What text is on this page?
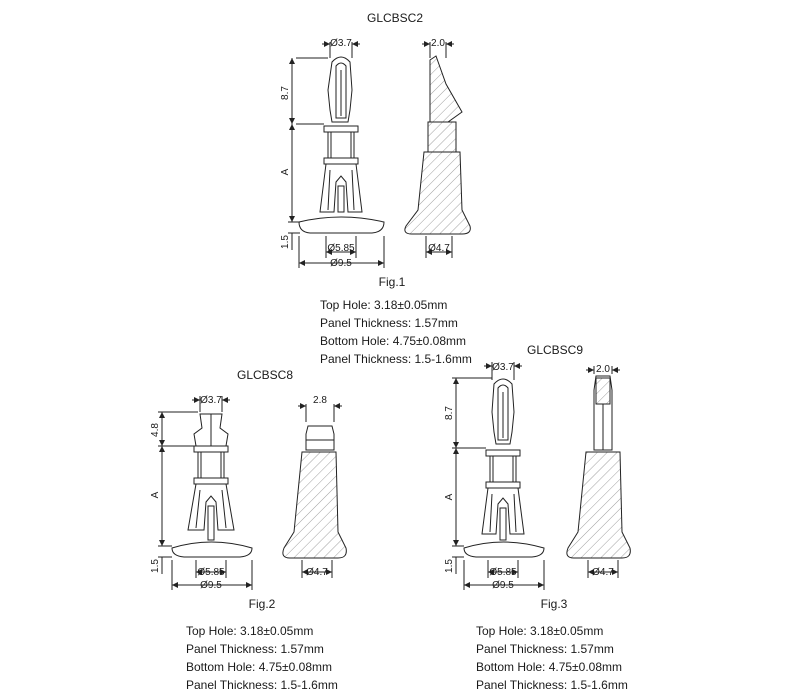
GLCBSC2
Ø3.7
8.7
A
1.5	Ø5.85
Ø9.5
2.0
Ø4.7
Fig.1
GLCBSC8
Ø3.7
4.8
A
1.5	Ø5.85
Ø9.5
2.8
Ø4.7
Fig.2
GLCBSC9
Ø3.7
8.7
A
1.5	Ø5.85
Ø9.5
2.0
Ø4.7
Fig.3
Top Hole: 3.18±0.05mm
Panel Thickness: 1.57mm
Bottom Hole: 4.75±0.08mm
Panel Thickness: 1.5-1.6mm
Top Hole: 3.18±0.05mm
Panel Thickness: 1.57mm
Bottom Hole: 4.75±0.08mm
Panel Thickness: 1.5-1.6mm
Top Hole: 3.18±0.05mm
Panel Thickness: 1.57mm
Bottom Hole: 4.75±0.08mm
Panel Thickness: 1.5-1.6mm
